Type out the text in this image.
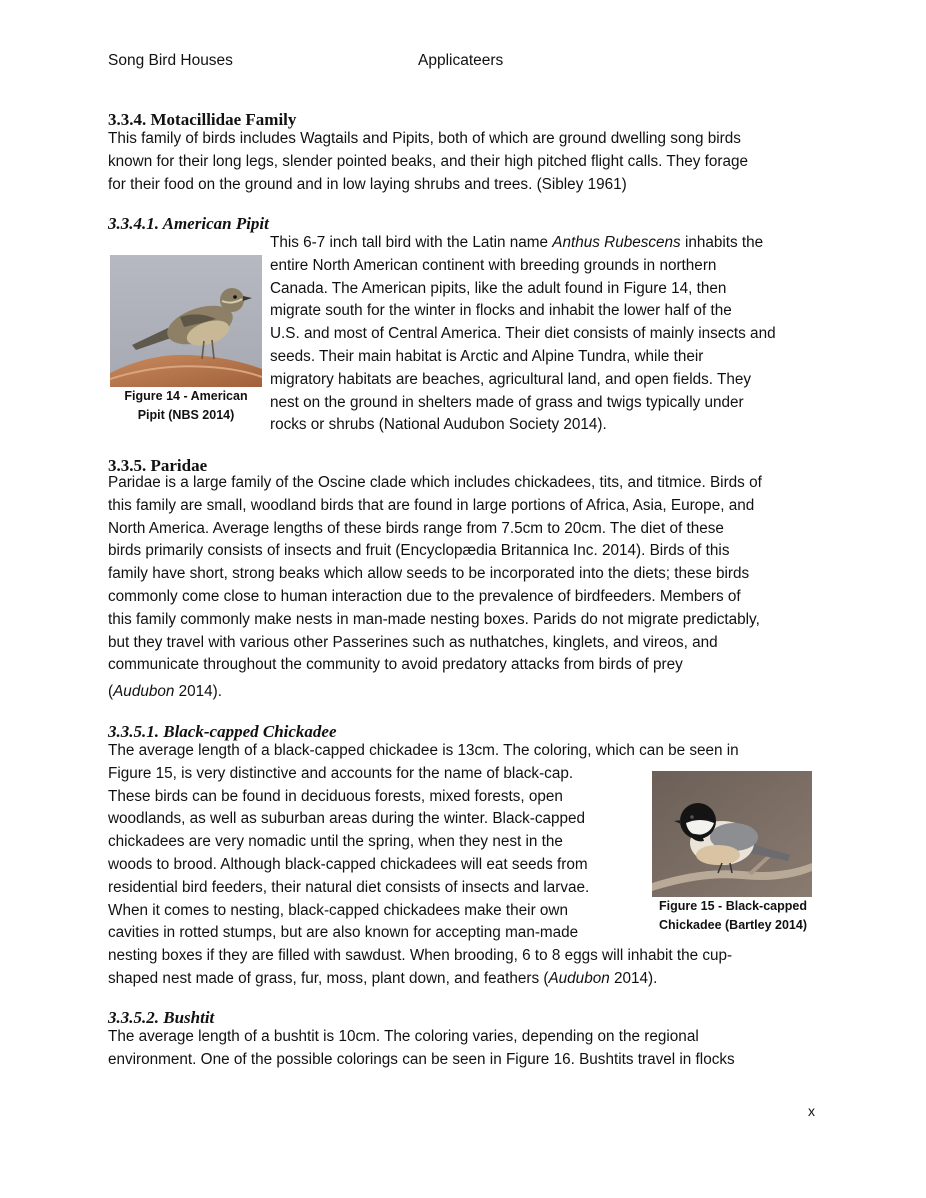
Song Bird Houses	Applicateers
3.3.4. Motacillidae Family
This family of birds includes Wagtails and Pipits, both of which are ground dwelling song birds
known for their long legs, slender pointed beaks, and their high pitched flight calls. They forage
for their food on the ground and in low laying shrubs and trees. (Sibley 1961)
3.3.4.1. American Pipit
Figure 14 - American
Pipit (NBS 2014)
This 6-7 inch tall bird with the Latin name Anthus Rubescens inhabits the
entire North American continent with breeding grounds in northern
Canada. The American pipits, like the adult found in Figure 14, then
migrate south for the winter in flocks and inhabit the lower half of the
U.S. and most of Central America. Their diet consists of mainly insects and
seeds. Their main habitat is Arctic and Alpine Tundra, while their
migratory habitats are beaches, agricultural land, and open fields. They
nest on the ground in shelters made of grass and twigs typically under
rocks or shrubs (National Audubon Society 2014).
3.3.5. Paridae
Paridae is a large family of the Oscine clade which includes chickadees, tits, and titmice. Birds of
this family are small, woodland birds that are found in large portions of Africa, Asia, Europe, and
North America. Average lengths of these birds range from 7.5cm to 20cm. The diet of these
birds primarily consists of insects and fruit (Encyclopædia Britannica Inc. 2014). Birds of this
family have short, strong beaks which allow seeds to be incorporated into the diets; these birds
commonly come close to human interaction due to the prevalence of birdfeeders. Members of
this family commonly make nests in man-made nesting boxes. Parids do not migrate predictably,
but they travel with various other Passerines such as nuthatches, kinglets, and vireos, and
communicate throughout the community to avoid predatory attacks from birds of prey
(Audubon 2014).
3.3.5.1. Black-capped Chickadee
The average length of a black-capped chickadee is 13cm. The coloring, which can be seen in
Figure 15, is very distinctive and accounts for the name of black-cap.
These birds can be found in deciduous forests, mixed forests, open
woodlands, as well as suburban areas during the winter. Black-capped
chickadees are very nomadic until the spring, when they nest in the
woods to brood. Although black-capped chickadees will eat seeds from
residential bird feeders, their natural diet consists of insects and larvae.
When it comes to nesting, black-capped chickadees make their own
cavities in rotted stumps, but are also known for accepting man-made
nesting boxes if they are filled with sawdust. When brooding, 6 to 8 eggs will inhabit the cup-
shaped nest made of grass, fur, moss, plant down, and feathers (Audubon 2014).
Figure 15 - Black-capped
Chickadee (Bartley 2014)
3.3.5.2. Bushtit
The average length of a bushtit is 10cm. The coloring varies, depending on the regional
environment. One of the possible colorings can be seen in Figure 16. Bushtits travel in flocks
x
